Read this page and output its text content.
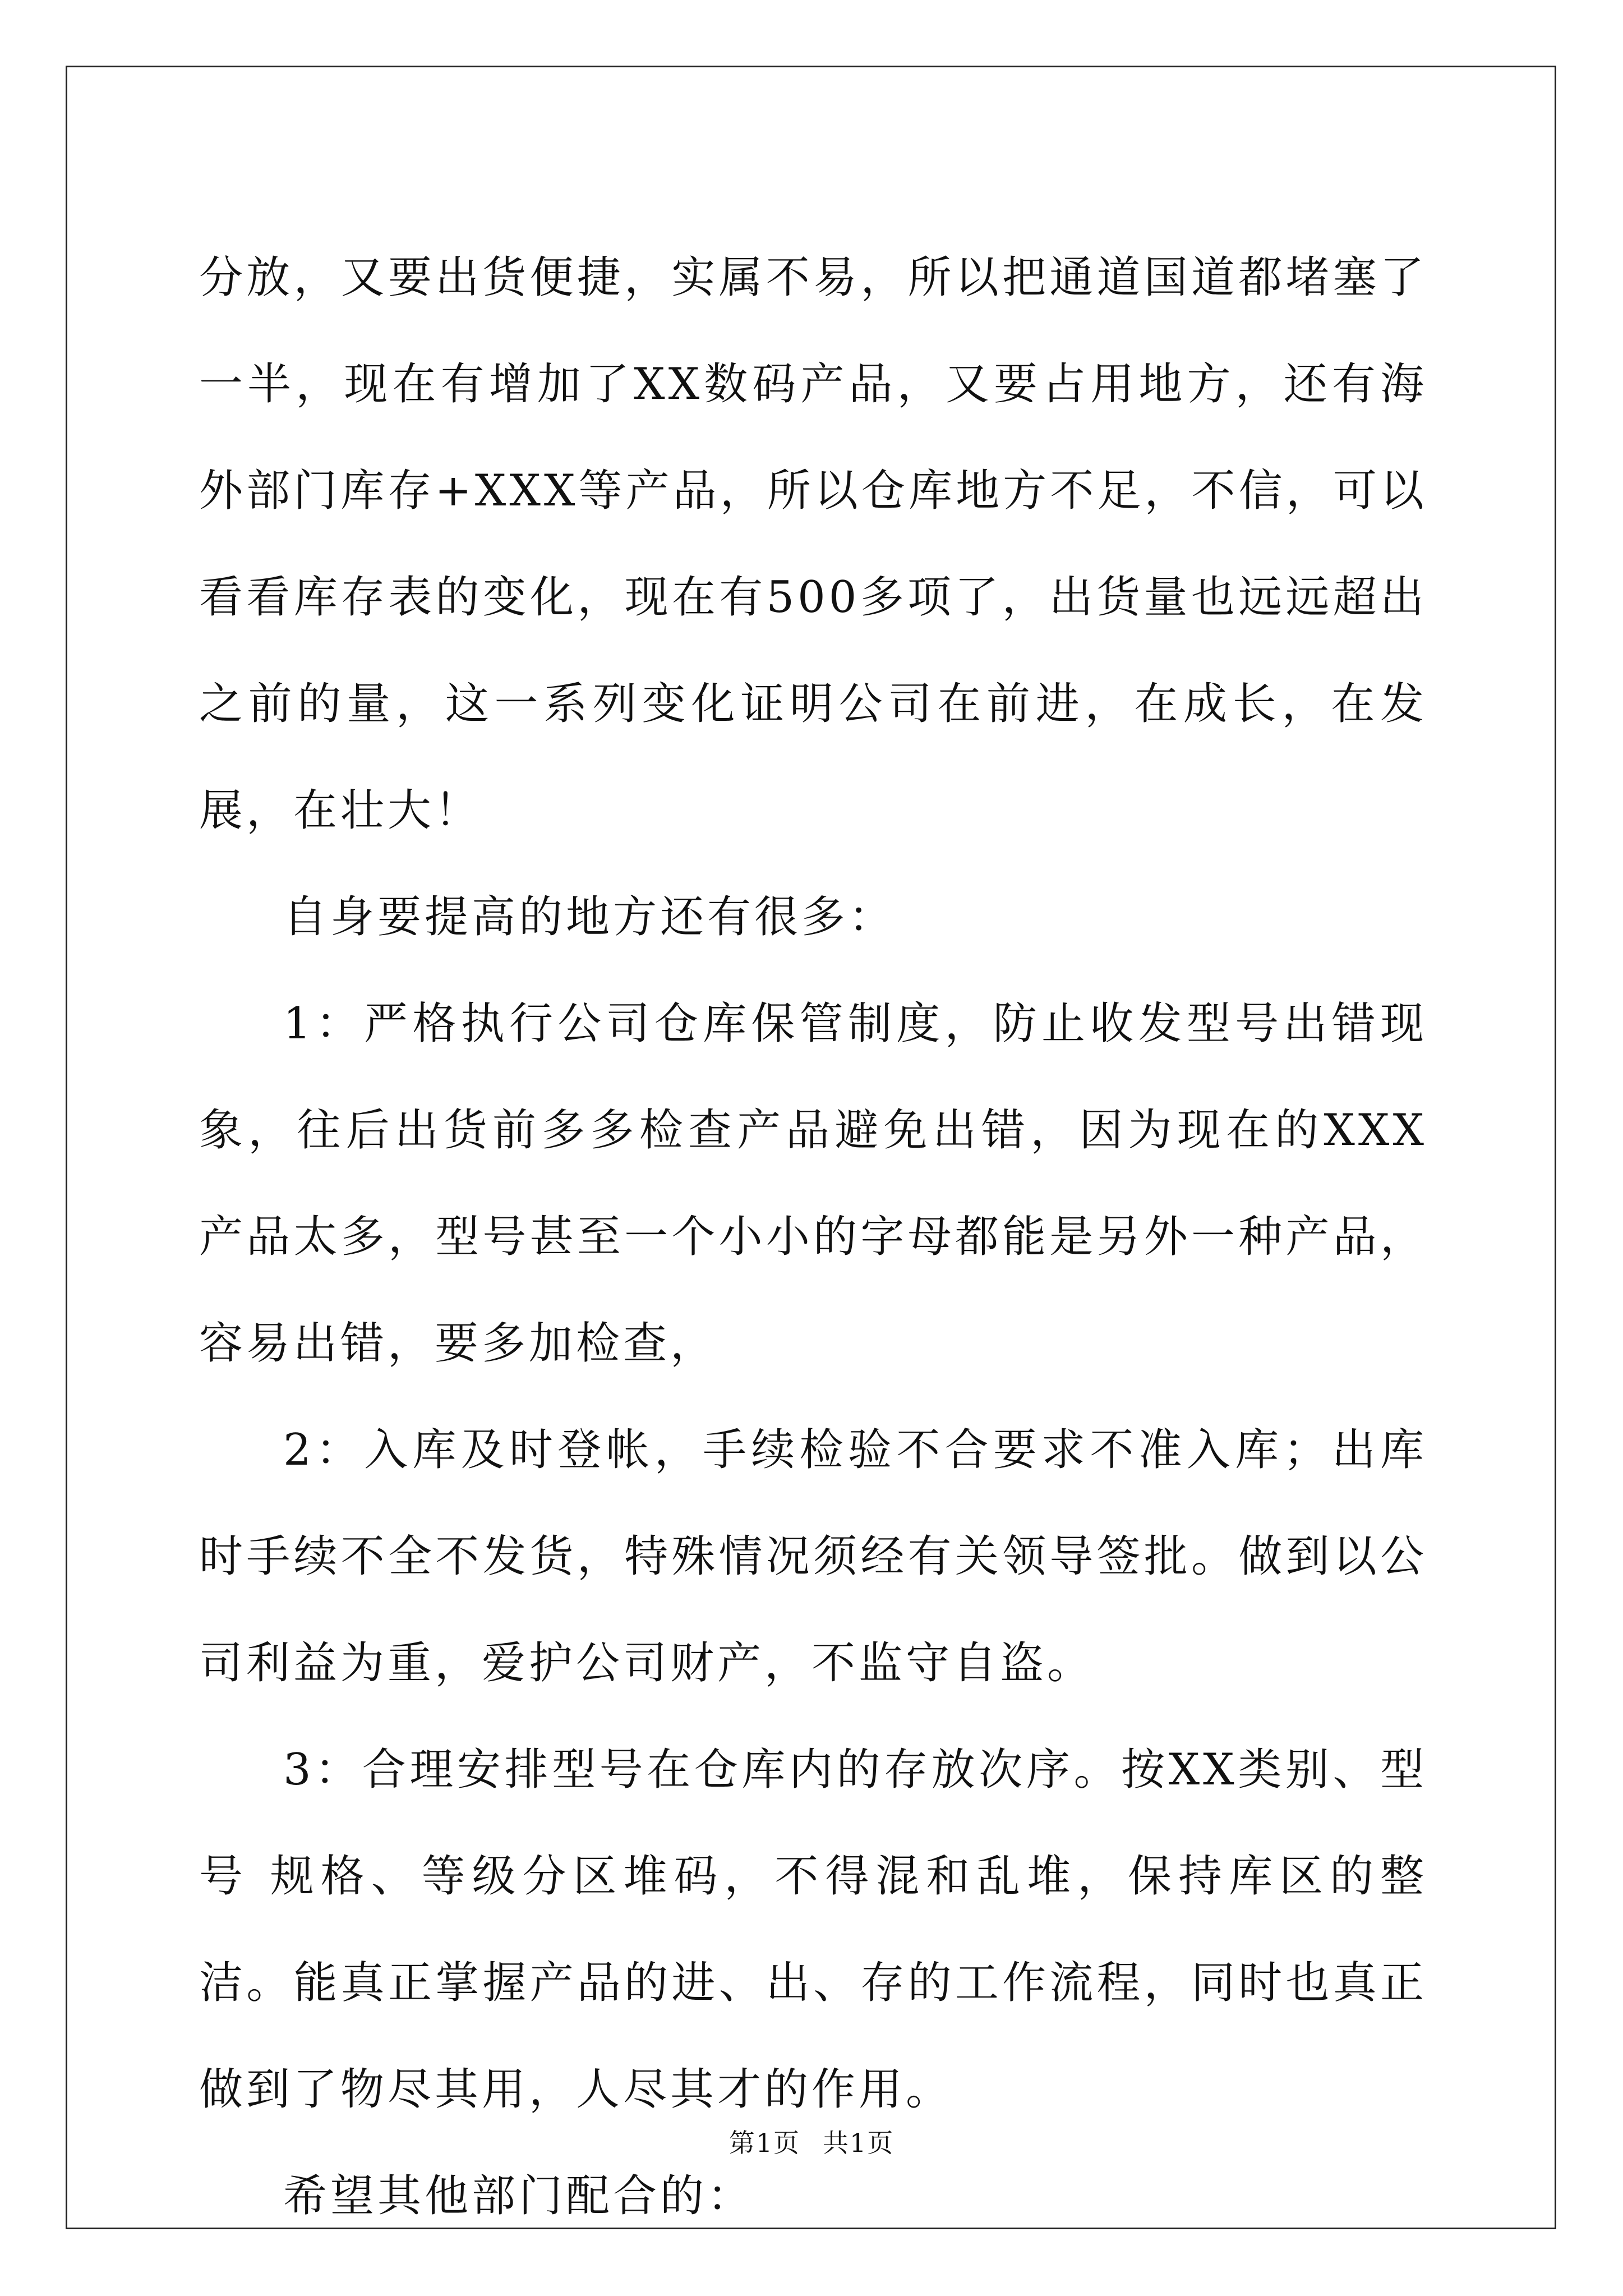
分放，又要出货便捷，实属不易，所以把通道国道都堵塞了一半，现在有增加了XX数码产品，又要占用地方，还有海外部门库存+XXX等产品，所以仓库地方不足，不信，可以看看库存表的变化，现在有500多项了，出货量也远远超出之前的量，这一系列变化证明公司在前进，在成长，在发展，在壮大！

自身要提高的地方还有很多：

1：严格执行公司仓库保管制度，防止收发型号出错现象，往后出货前多多检查产品避免出错，因为现在的XXX产品太多，型号甚至一个小小的字母都能是另外一种产品，容易出错，要多加检查，

2：入库及时登帐，手续检验不合要求不准入库；出库时手续不全不发货，特殊情况须经有关领导签批。做到以公司利益为重，爱护公司财产，不监守自盗。

3：合理安排型号在仓库内的存放次序。按XX类别、型号 规格、等级分区堆码，不得混和乱堆，保持库区的整洁。能真正掌握产品的进、出、存的工作流程，同时也真正做到了物尽其用，人尽其才的作用。

希望其他部门配合的：

第1页 共1页
